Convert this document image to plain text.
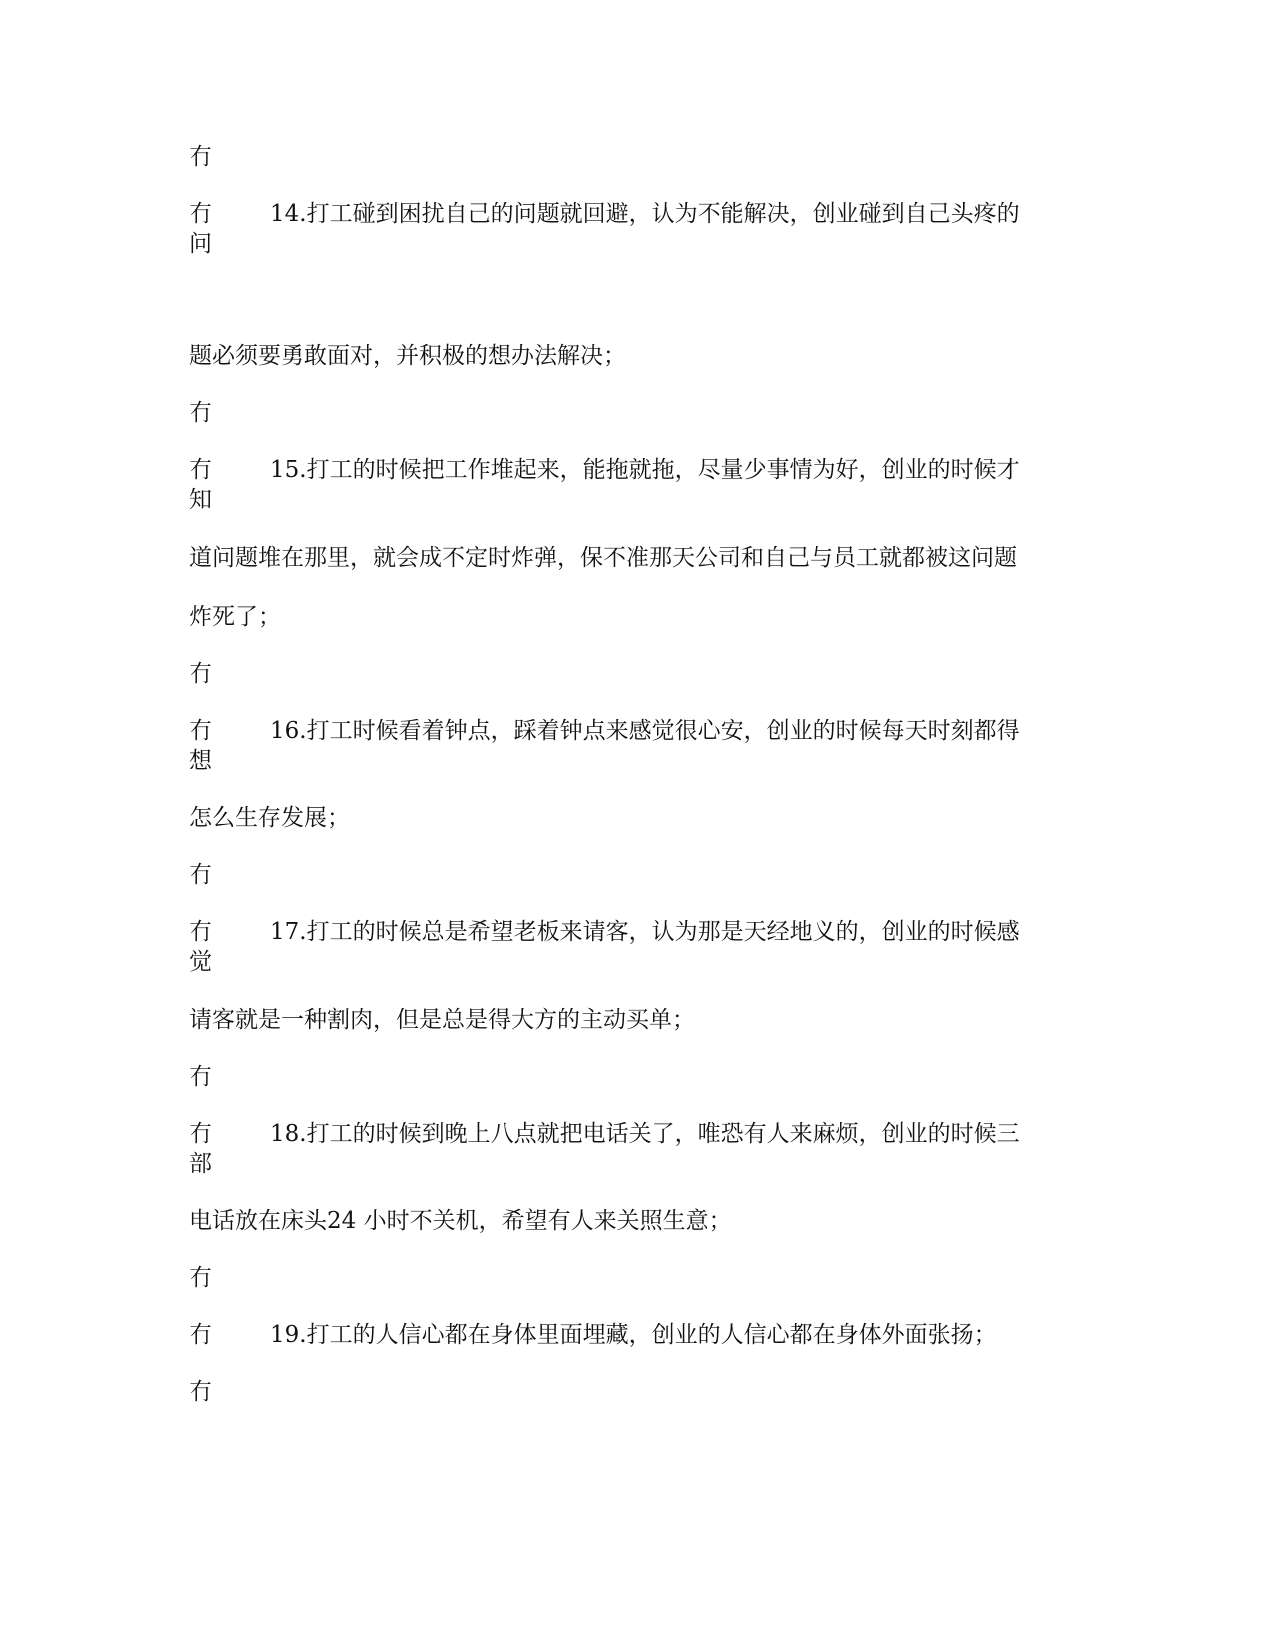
冇
冇	14.打工碰到困扰自己的问题就回避，认为不能解决，创业碰到自己头疼的
问
题必须要勇敢面对，并积极的想办法解决；
冇
冇	15.打工的时候把工作堆起来，能拖就拖，尽量少事情为好，创业的时候才
知
道问题堆在那里，就会成不定时炸弹，保不准那天公司和自己与员工就都被这问题
炸死了；
冇
冇	16.打工时候看着钟点，踩着钟点来感觉很心安，创业的时候每天时刻都得
想
怎么生存发展；
冇
冇	17.打工的时候总是希望老板来请客，认为那是天经地义的，创业的时候感
觉
请客就是一种割肉，但是总是得大方的主动买单；
冇
冇	18.打工的时候到晚上八点就把电话关了，唯恐有人来麻烦，创业的时候三
部
电话放在床头24 小时不关机，希望有人来关照生意；
冇
冇	19.打工的人信心都在身体里面埋藏，创业的人信心都在身体外面张扬；
冇
